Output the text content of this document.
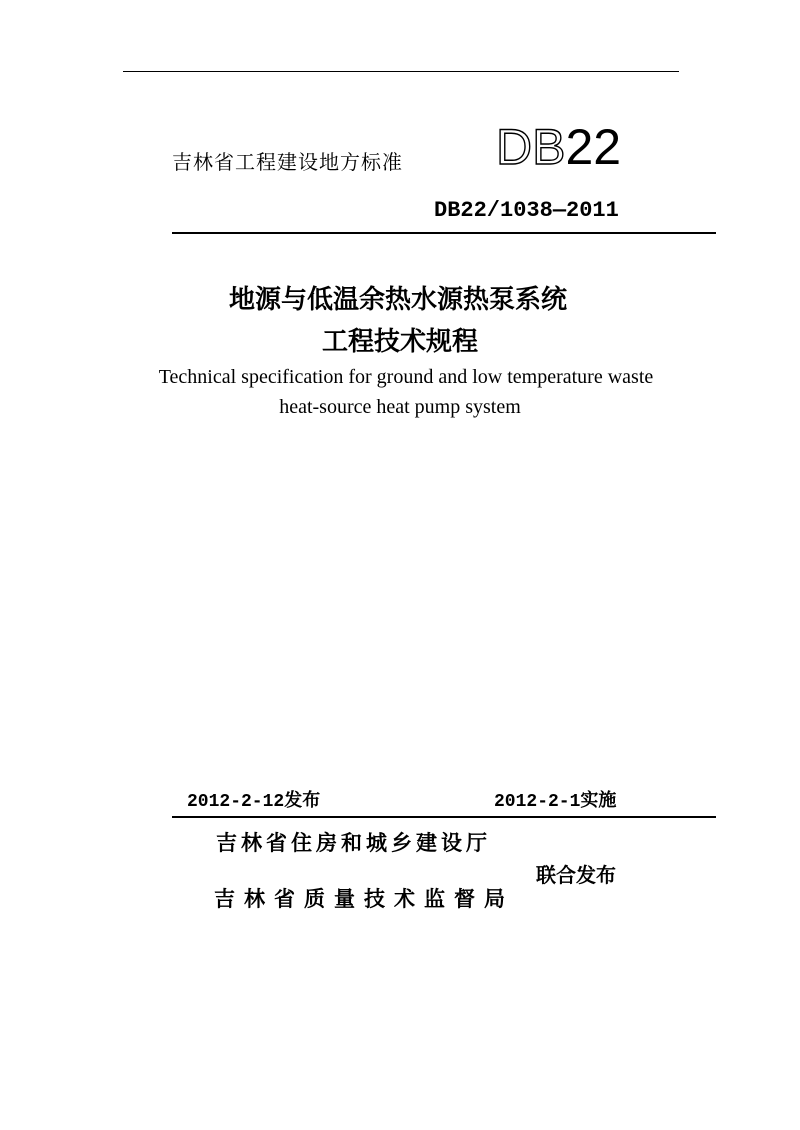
吉林省工程建设地方标准 DB22
DB22/1038—2011
地源与低温余热水源热泵系统
工程技术规程
Technical specification for ground and low temperature waste
heat-source heat pump system
2012-2-12发布	2012-2-1实施
吉林省住房和城乡建设厅
联合发布
吉林省质量技术监督局
